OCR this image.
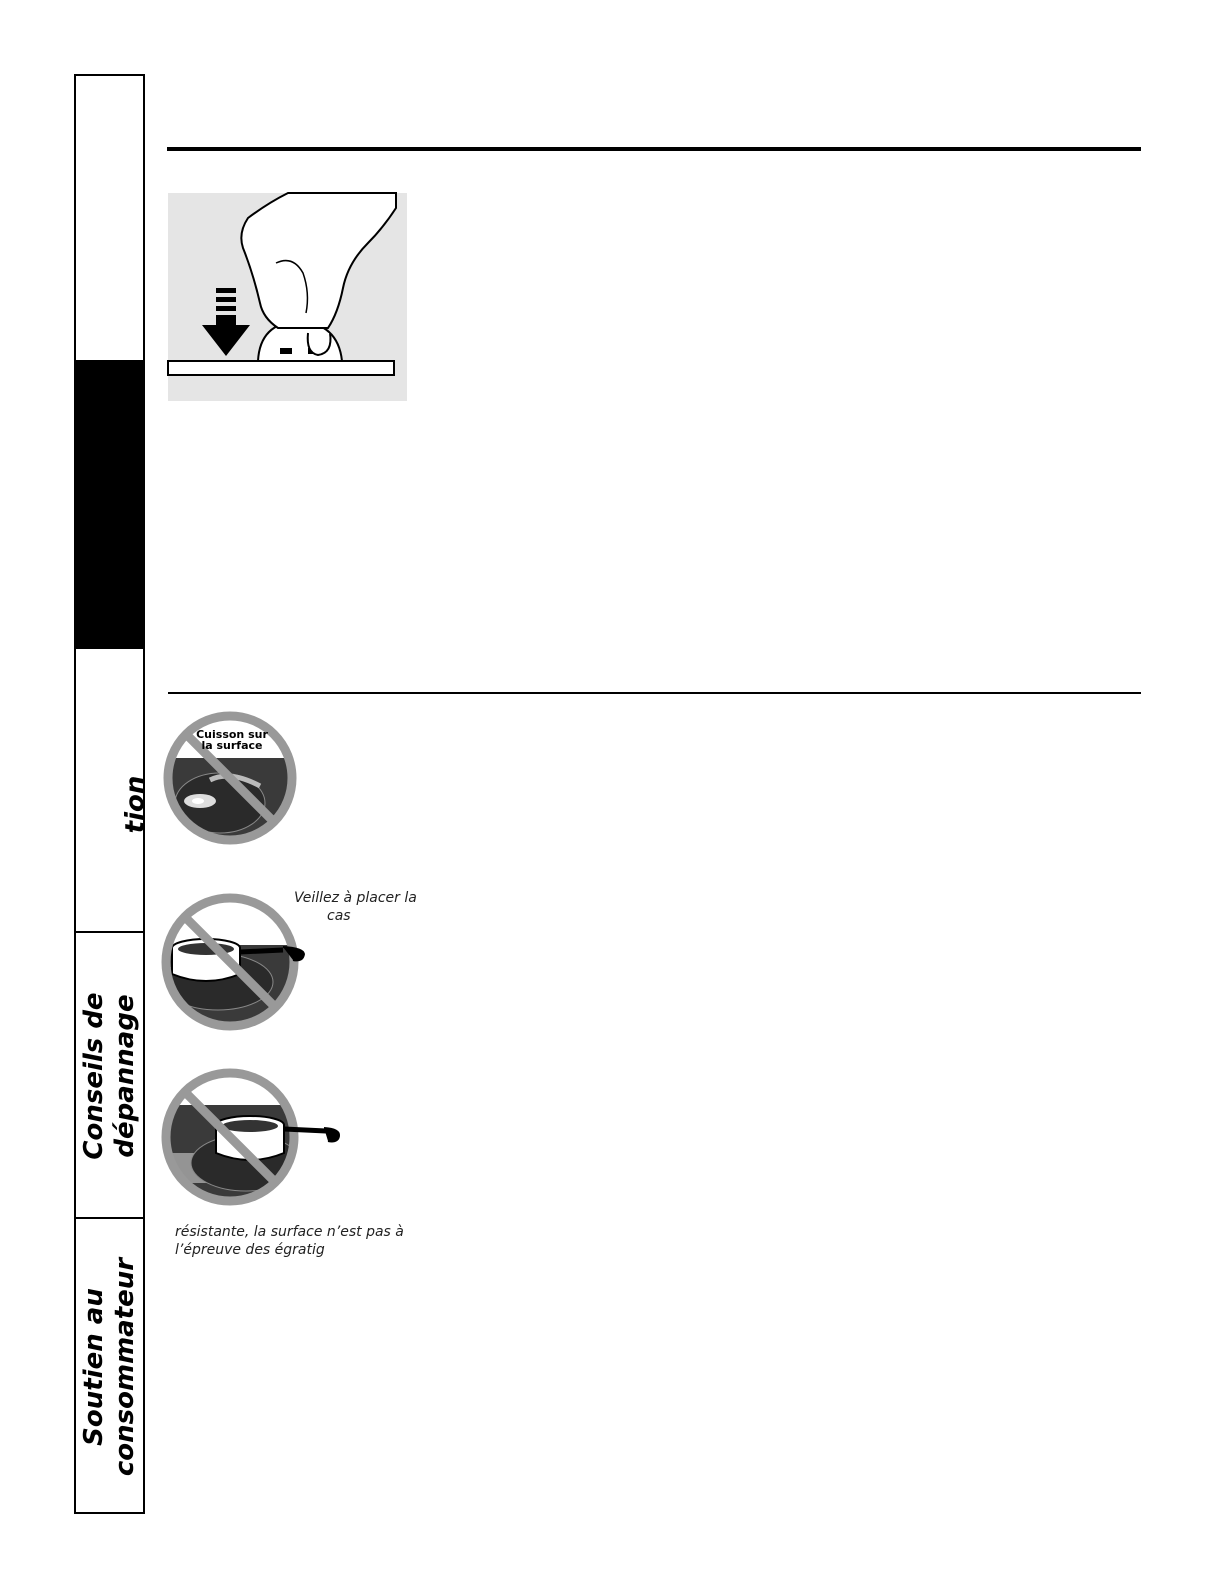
tion
Conseils de dépannage
Soutien au consommateur
Cuisson sur
la surface
Veillez à placer la
cas
résistante, la surface n’est pas à
l’épreuve des égratig
